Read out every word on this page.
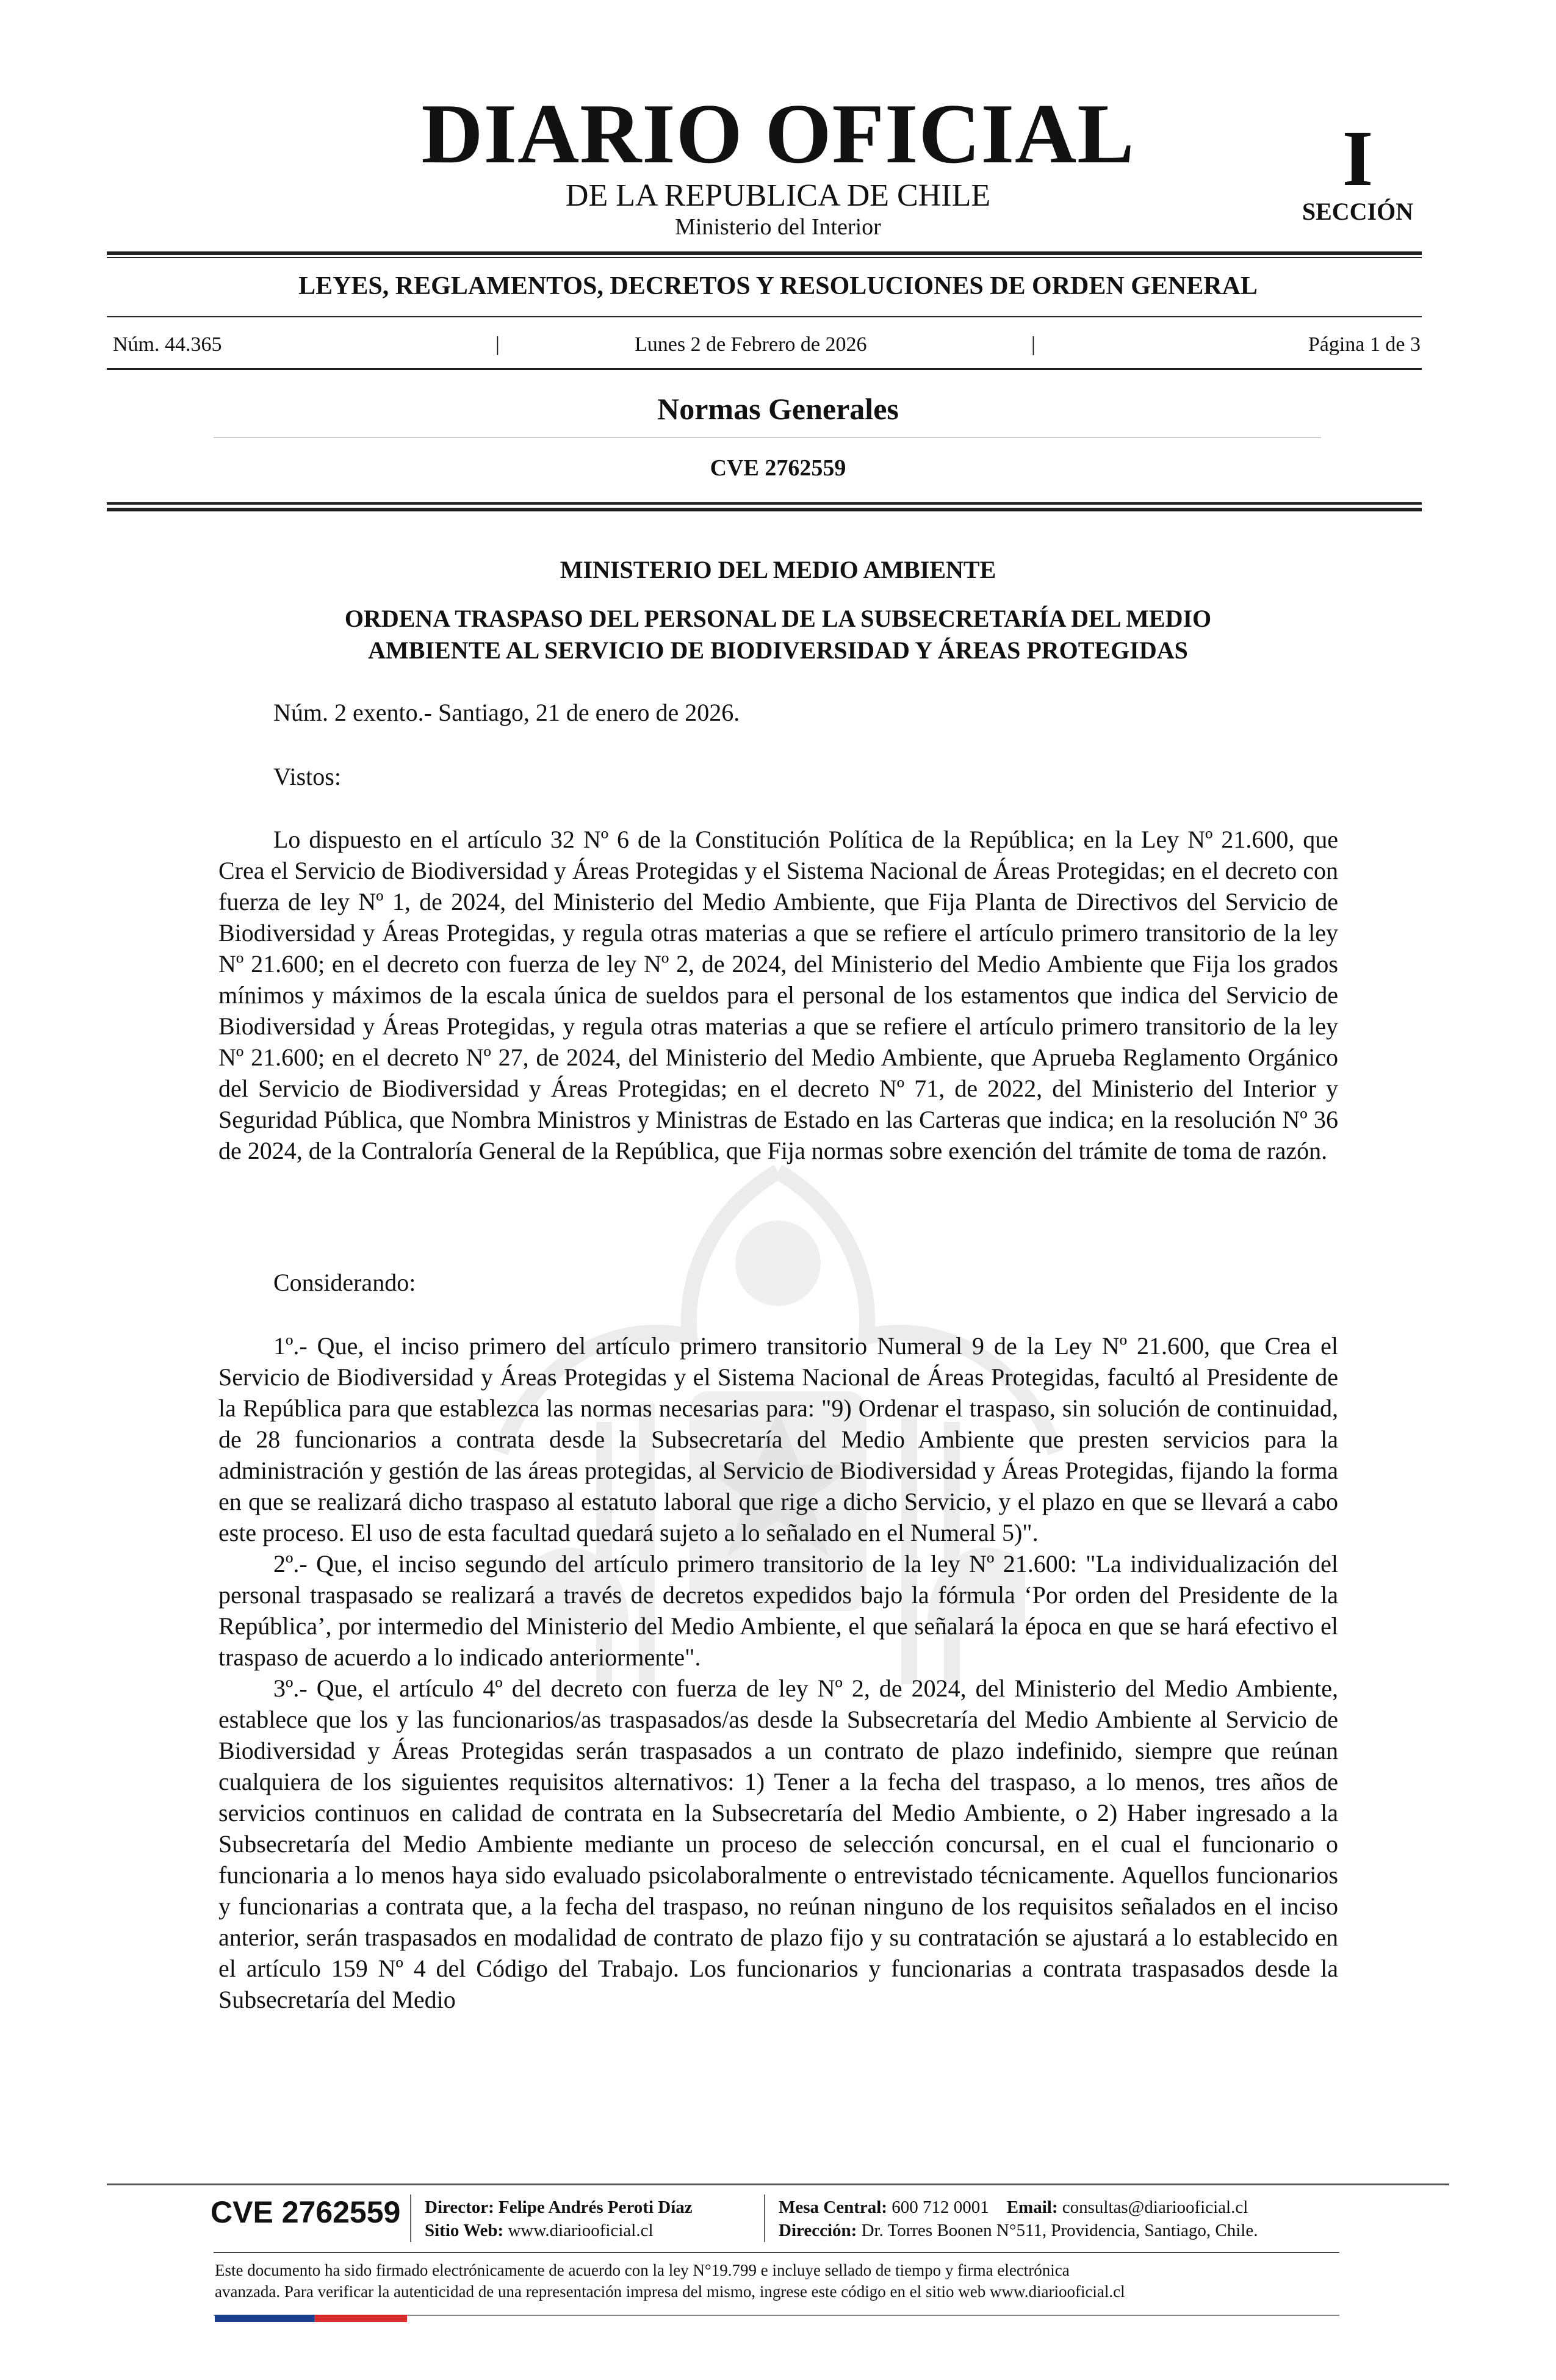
DIARIO OFICIAL
DE LA REPUBLICA DE CHILE
Ministerio del Interior
I
SECCIÓN
LEYES, REGLAMENTOS, DECRETOS Y RESOLUCIONES DE ORDEN GENERAL
Núm. 44.365	|	Lunes 2 de Febrero de 2026	|	Página 1 de 3
Normas Generales
CVE 2762559
MINISTERIO DEL MEDIO AMBIENTE
ORDENA TRASPASO DEL PERSONAL DE LA SUBSECRETARÍA DEL MEDIO
AMBIENTE AL SERVICIO DE BIODIVERSIDAD Y ÁREAS PROTEGIDAS
Núm. 2 exento.- Santiago, 21 de enero de 2026.
Vistos:

Lo dispuesto en el artículo 32 Nº 6 de la Constitución Política de la República; en la Ley Nº 21.600, que Crea el Servicio de Biodiversidad y Áreas Protegidas y el Sistema Nacional de Áreas Protegidas; en el decreto con fuerza de ley Nº 1, de 2024, del Ministerio del Medio Ambiente, que Fija Planta de Directivos del Servicio de Biodiversidad y Áreas Protegidas, y regula otras materias a que se refiere el artículo primero transitorio de la ley Nº 21.600; en el decreto con fuerza de ley Nº 2, de 2024, del Ministerio del Medio Ambiente que Fija los grados mínimos y máximos de la escala única de sueldos para el personal de los estamentos que indica del Servicio de Biodiversidad y Áreas Protegidas, y regula otras materias a que se refiere el artículo primero transitorio de la ley Nº 21.600; en el decreto Nº 27, de 2024, del Ministerio del Medio Ambiente, que Aprueba Reglamento Orgánico del Servicio de Biodiversidad y Áreas Protegidas; en el decreto Nº 71, de 2022, del Ministerio del Interior y Seguridad Pública, que Nombra Ministros y Ministras de Estado en las Carteras que indica; en la resolución Nº 36 de 2024, de la Contraloría General de la República, que Fija normas sobre exención del trámite de toma de razón.

Considerando:

1º.- Que, el inciso primero del artículo primero transitorio Numeral 9 de la Ley Nº 21.600, que Crea el Servicio de Biodiversidad y Áreas Protegidas y el Sistema Nacional de Áreas Protegidas, facultó al Presidente de la República para que establezca las normas necesarias para: "9) Ordenar el traspaso, sin solución de continuidad, de 28 funcionarios a contrata desde la Subsecretaría del Medio Ambiente que presten servicios para la administración y gestión de las áreas protegidas, al Servicio de Biodiversidad y Áreas Protegidas, fijando la forma en que se realizará dicho traspaso al estatuto laboral que rige a dicho Servicio, y el plazo en que se llevará a cabo este proceso. El uso de esta facultad quedará sujeto a lo señalado en el Numeral 5)".

2º.- Que, el inciso segundo del artículo primero transitorio de la ley Nº 21.600: "La individualización del personal traspasado se realizará a través de decretos expedidos bajo la fórmula ‘Por orden del Presidente de la República’, por intermedio del Ministerio del Medio Ambiente, el que señalará la época en que se hará efectivo el traspaso de acuerdo a lo indicado anteriormente".

3º.- Que, el artículo 4º del decreto con fuerza de ley Nº 2, de 2024, del Ministerio del Medio Ambiente, establece que los y las funcionarios/as traspasados/as desde la Subsecretaría del Medio Ambiente al Servicio de Biodiversidad y Áreas Protegidas serán traspasados a un contrato de plazo indefinido, siempre que reúnan cualquiera de los siguientes requisitos alternativos: 1) Tener a la fecha del traspaso, a lo menos, tres años de servicios continuos en calidad de contrata en la Subsecretaría del Medio Ambiente, o 2) Haber ingresado a la Subsecretaría del Medio Ambiente mediante un proceso de selección concursal, en el cual el funcionario o funcionaria a lo menos haya sido evaluado psicolaboralmente o entrevistado técnicamente. Aquellos funcionarios y funcionarias a contrata que, a la fecha del traspaso, no reúnan ninguno de los requisitos señalados en el inciso anterior, serán traspasados en modalidad de contrato de plazo fijo y su contratación se ajustará a lo establecido en el artículo 159 Nº 4 del Código del Trabajo. Los funcionarios y funcionarias a contrata traspasados desde la Subsecretaría del Medio

CVE 2762559 Director: Felipe Andrés Peroti Díaz
Sitio Web: www.diariooficial.cl
Mesa Central: 600 712 0001 Email: consultas@diariooficial.cl
Dirección: Dr. Torres Boonen N°511, Providencia, Santiago, Chile.
Este documento ha sido firmado electrónicamente de acuerdo con la ley N°19.799 e incluye sellado de tiempo y firma electrónica
avanzada. Para verificar la autenticidad de una representación impresa del mismo, ingrese este código en el sitio web www.diariooficial.cl
